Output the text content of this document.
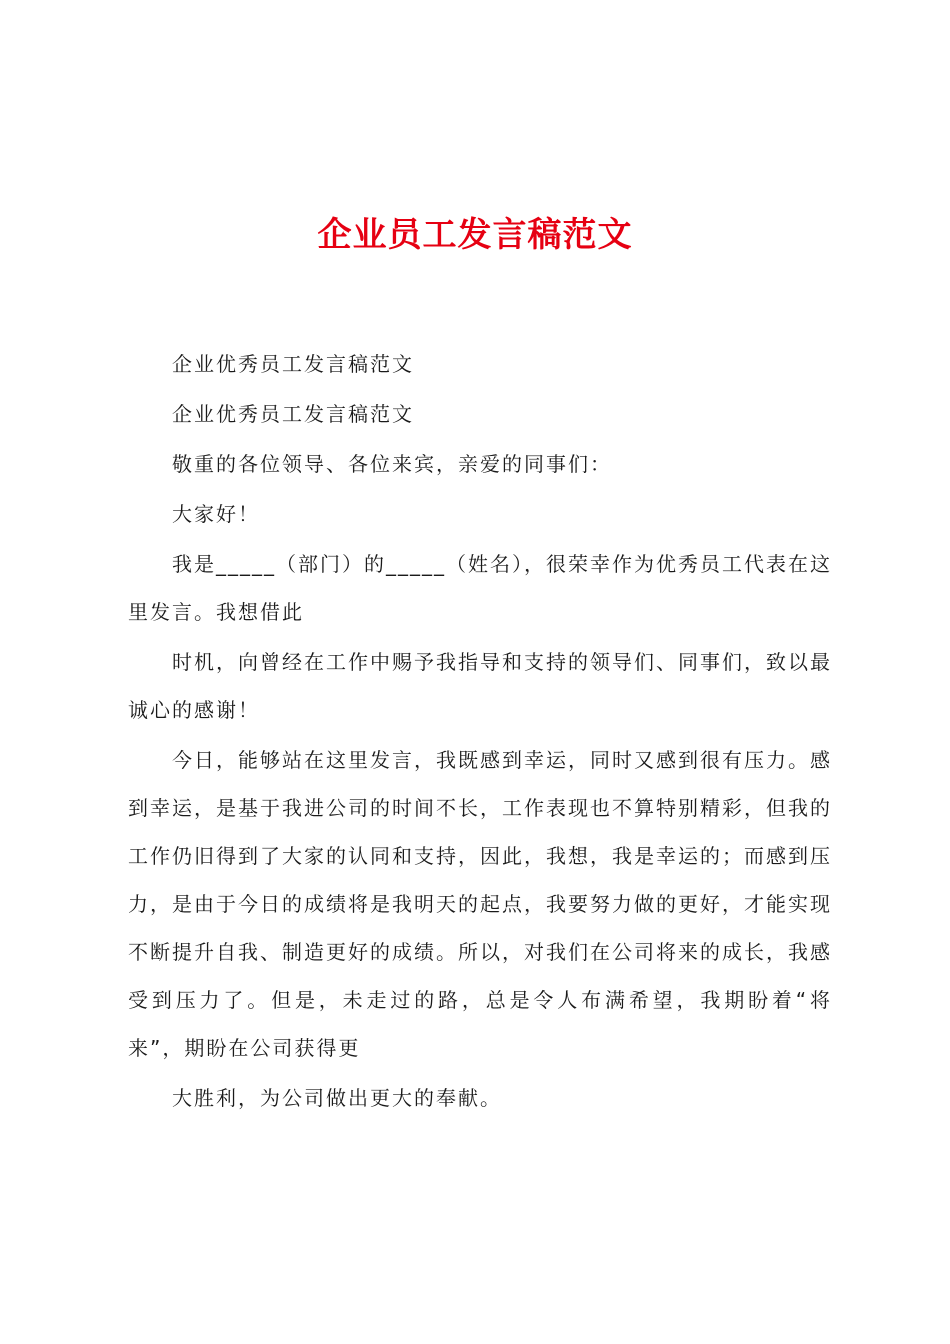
企业员工发言稿范文

企业优秀员工发言稿范文

企业优秀员工发言稿范文

敬重的各位领导、各位来宾，亲爱的同事们：

大家好！

我是_____（部门）的_____（姓名），很荣幸作为优秀员工代表在这里发言。我想借此

时机，向曾经在工作中赐予我指导和支持的领导们、同事们，致以最诚心的感谢！

今日，能够站在这里发言，我既感到幸运，同时又感到很有压力。感到幸运，是基于我进公司的时间不长，工作表现也不算特别精彩，但我的工作仍旧得到了大家的认同和支持，因此，我想，我是幸运的；而感到压力，是由于今日的成绩将是我明天的起点，我要努力做的更好，才能实现不断提升自我、制造更好的成绩。所以，对我们在公司将来的成长，我感受到压力了。但是，未走过的路，总是令人布满希望，我期盼着“将来”，期盼在公司获得更

大胜利，为公司做出更大的奉献。
